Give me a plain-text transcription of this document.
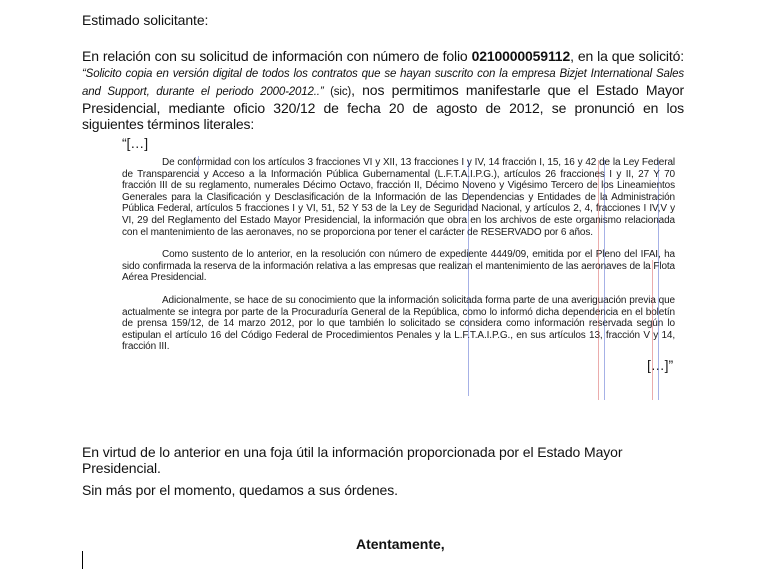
Estimado solicitante:
En relación con su solicitud de información con número de folio 0210000059112, en la que solicitó: “Solicito copia en versión digital de todos los contratos que se hayan suscrito con la empresa Bizjet International Sales and Support, durante el periodo 2000-2012..” (sic), nos permitimos manifestarle que el Estado Mayor Presidencial, mediante oficio 320/12 de fecha 20 de agosto de 2012, se pronunció en los siguientes términos literales:
“[…]

De conformidad con los artículos 3 fracciones VI y XII, 13 fracciones I y IV, 14 fracción I, 15, 16 y 42 de la Ley Federal de Transparencia y Acceso a la Información Pública Gubernamental (L.F.T.A.I.P.G.), artículos 26 fracciones I y II, 27 Y 70 fracción III de su reglamento, numerales Décimo Octavo, fracción II, Décimo Noveno y Vigésimo Tercero de los Lineamientos Generales para la Clasificación y Desclasificación de la Información de las Dependencias y Entidades de la Administración Pública Federal, artículos 5 fracciones I y VI, 51, 52 Y 53 de la Ley de Seguridad Nacional, y artículos 2, 4, fracciones I IV,V y VI, 29 del Reglamento del Estado Mayor Presidencial, la información que obra en los archivos de este organismo relacionada con el mantenimiento de las aeronaves, no se proporciona por tener el carácter de RESERVADO por 6 años.

Como sustento de lo anterior, en la resolución con número de expediente 4449/09, emitida por el Pleno del IFAI, ha sido confirmada la reserva de la información relativa a las empresas que realizan el mantenimiento de las aeronaves de la Flota Aérea Presidencial.

Adicionalmente, se hace de su conocimiento que la información solicitada forma parte de una averiguación previa que actualmente se integra por parte de la Procuraduría General de la República, como lo informó dicha dependencia en el boletín de prensa 159/12, de 14 marzo 2012, por lo que también lo solicitado se considera como información reservada según lo estipulan el artículo 16 del Código Federal de Procedimientos Penales y la L.F.T.A.I.P.G., en sus artículos 13, fracción V y 14, fracción III.

[…]”
En virtud de lo anterior en una foja útil la información proporcionada por el Estado Mayor Presidencial.
Sin más por el momento, quedamos a sus órdenes.
Atentamente,
